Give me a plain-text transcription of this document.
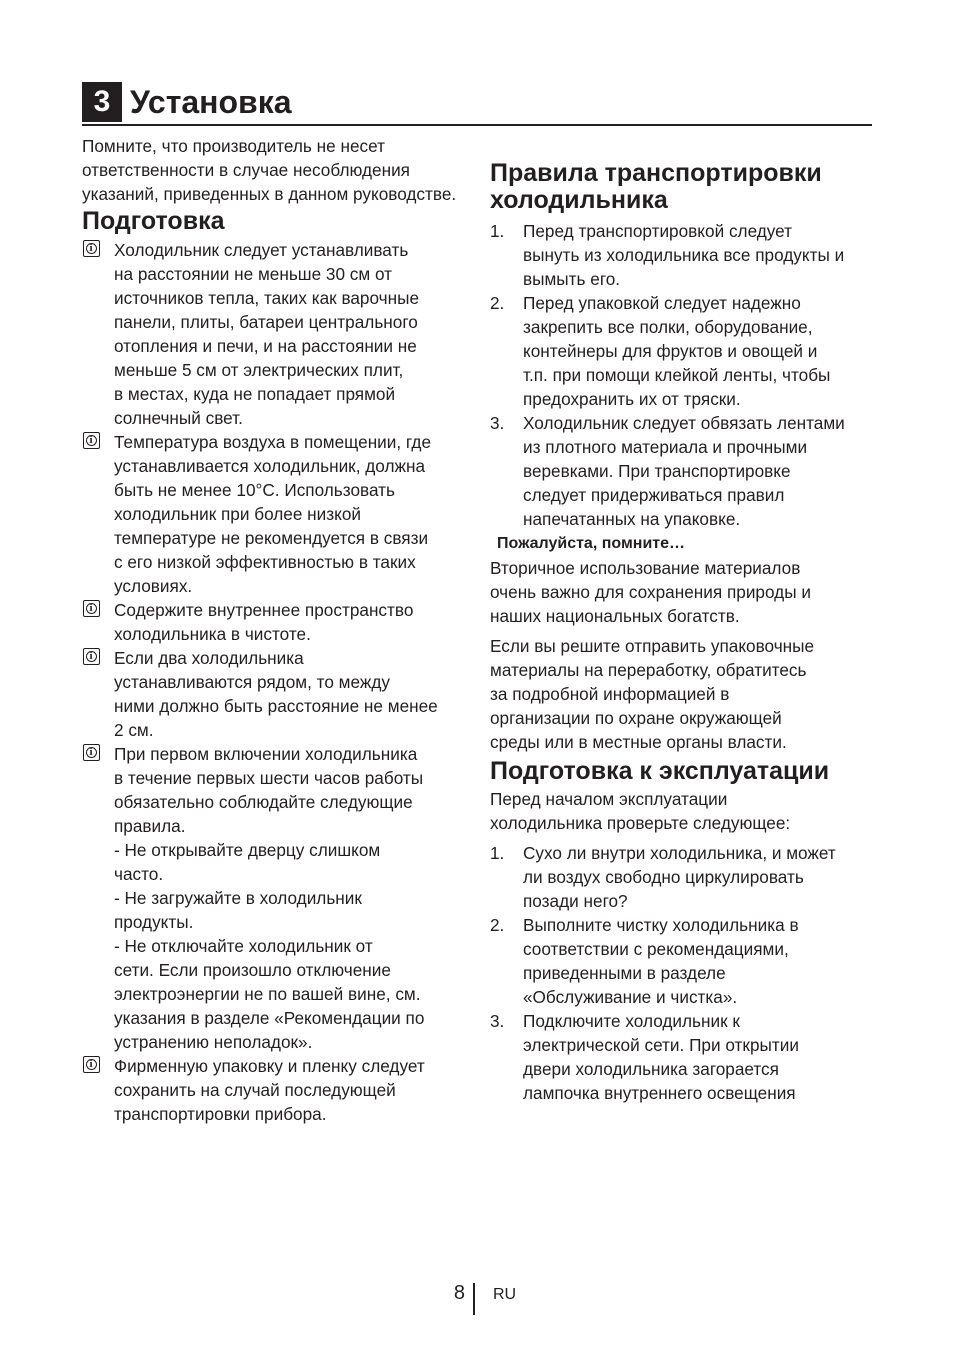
3 Установка

Помните, что производитель не несет ответственности в случае несоблюдения указаний, приведенных в данном руководстве.

Подготовка
i
Холодильник следует устанавливать
на расстоянии не меньше 30 см от
источников тепла, таких как варочные
панели, плиты, батареи центрального
отопления и печи, и на расстоянии не
меньше 5 см от электрических плит,
в местах, куда не попадает прямой
солнечный свет.
i
Температура воздуха в помещении, где
устанавливается холодильник, должна
быть не менее 10°С. Использовать
холодильник при более низкой
температуре не рекомендуется в связи
с его низкой эффективностью в таких
условиях.
i
Содержите внутреннее пространство
холодильника в чистоте.
i
Если два холодильника
устанавливаются рядом, то между
ними должно быть расстояние не менее
2 см.
i
При первом включении холодильника
в течение первых шести часов работы
обязательно соблюдайте следующие
правила.
- Не открывайте дверцу слишком
часто.
- Не загружайте в холодильник
продукты.
- Не отключайте холодильник от
сети. Если произошло отключение
электроэнергии не по вашей вине, см.
указания в разделе «Рекомендации по
устранению неполадок».
i
Фирменную упаковку и пленку следует
сохранить на случай последующей
транспортировки прибора.
Правила транспортировки
холодильника
1. Перед транспортировкой следует
вынуть из холодильника все продукты и
вымыть его.
2. Перед упаковкой следует надежно
закрепить все полки, оборудование,
контейнеры для фруктов и овощей и
т.п. при помощи клейкой ленты, чтобы
предохранить их от тряски.
3. Холодильник следует обвязать лентами
из плотного материала и прочными
веревками. При транспортировке
следует придерживаться правил
напечатанных на упаковке.
Пожалуйста, помните…

Вторичное использование материалов
очень важно для сохранения природы и
наших национальных богатств.

Если вы решите отправить упаковочные
материалы на переработку, обратитесь
за подробной информацией в
организации по охране окружающей
среды или в местные органы власти.

Подготовка к эксплуатации

Перед началом эксплуатации
холодильника проверьте следующее:

1. Сухо ли внутри холодильника, и может
ли воздух свободно циркулировать
позади него?
2. Выполните чистку холодильника в
соответствии с рекомендациями,
приведенными в разделе
«Обслуживание и чистка».
3. Подключите холодильник к
электрической сети. При открытии
двери холодильника загорается
лампочка внутреннего освещения
8 RU
